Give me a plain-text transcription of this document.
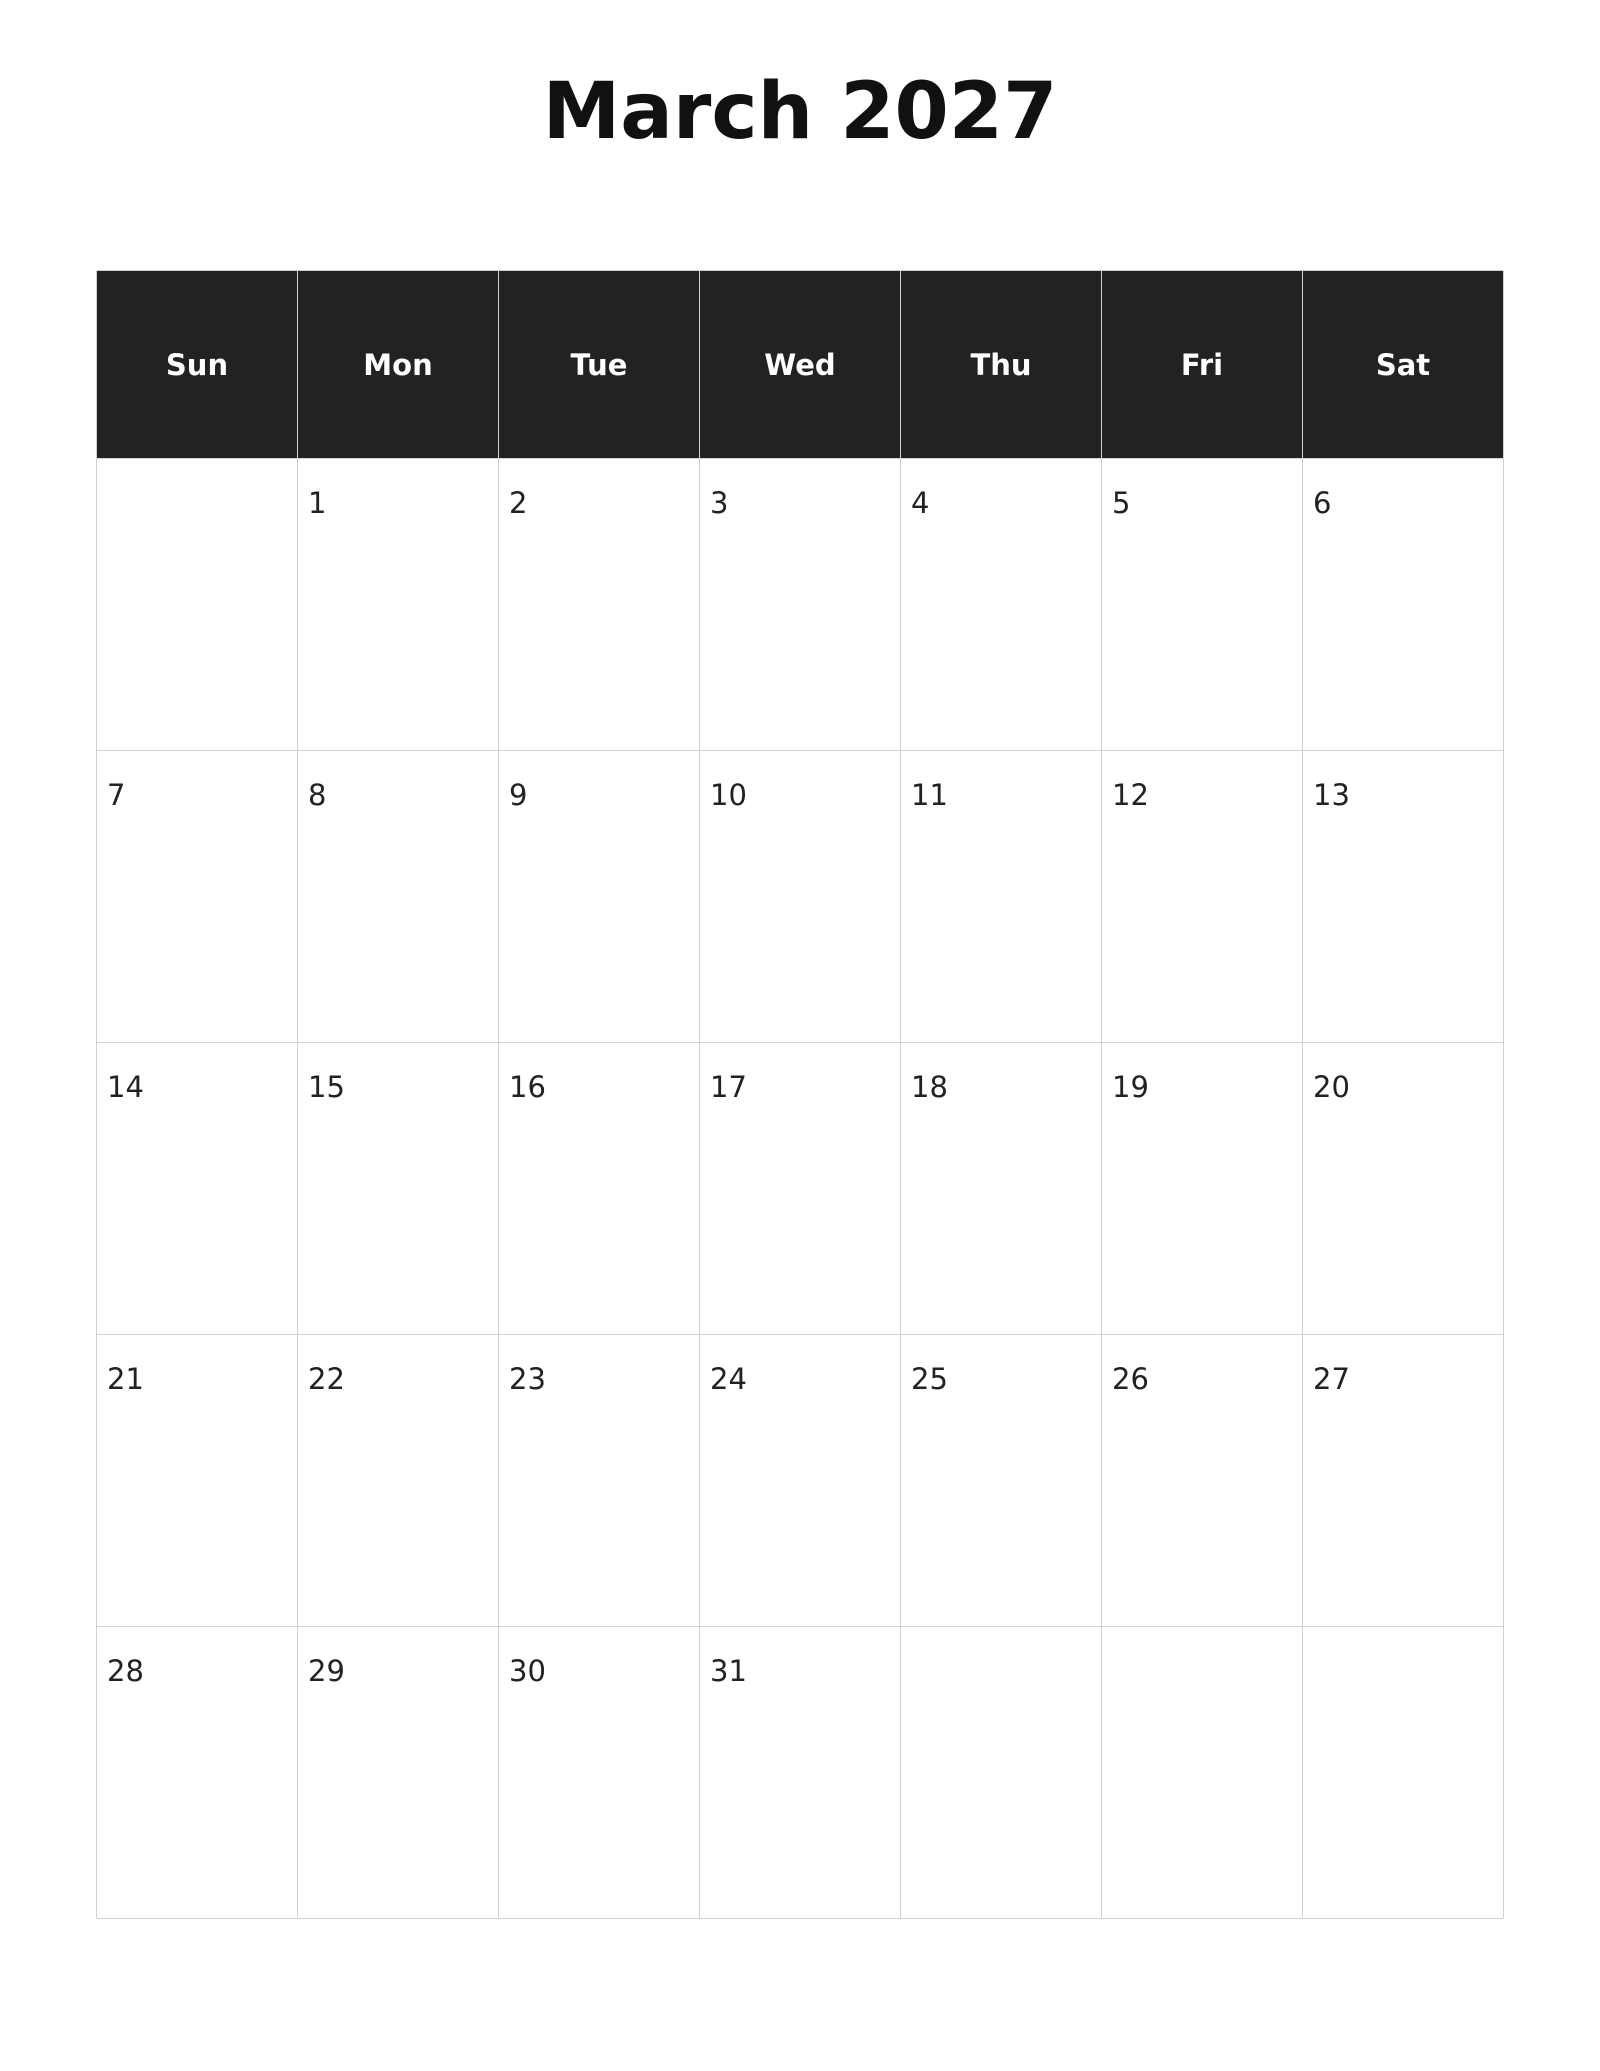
March 2027
Sun	Mon	Tue	Wed	Thu	Fri	Sat

	1	2	3	4	5	6

7	8	9	10	11	12	13

14	15	16	17	18	19	20

21	22	23	24	25	26	27

28	29	30	31			
